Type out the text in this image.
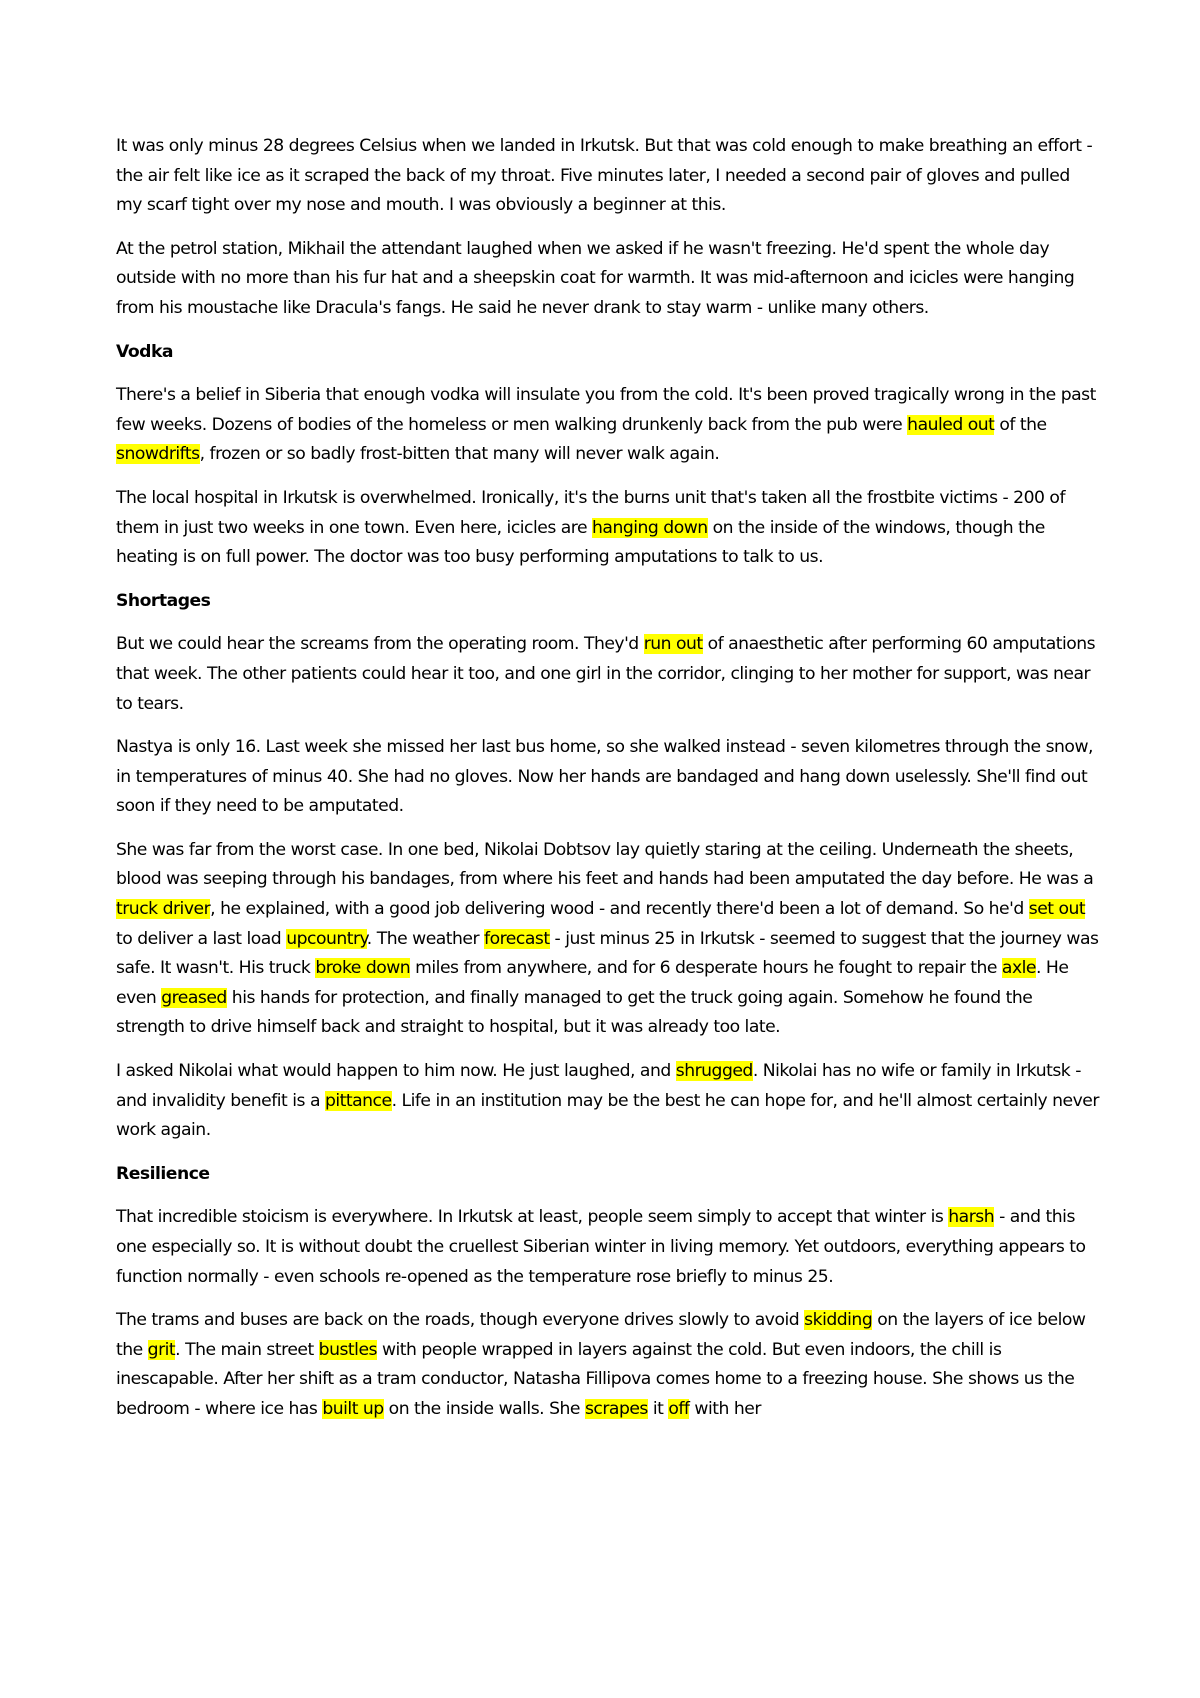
It was only minus 28 degrees Celsius when we landed in Irkutsk. But that was cold enough to make breathing an effort - the air felt like ice as it scraped the back of my throat. Five minutes later, I needed a second pair of gloves and pulled my scarf tight over my nose and mouth. I was obviously a beginner at this.

At the petrol station, Mikhail the attendant laughed when we asked if he wasn't freezing. He'd spent the whole day outside with no more than his fur hat and a sheepskin coat for warmth. It was mid-afternoon and icicles were hanging from his moustache like Dracula's fangs. He said he never drank to stay warm - unlike many others.

Vodka

There's a belief in Siberia that enough vodka will insulate you from the cold. It's been proved tragically wrong in the past few weeks. Dozens of bodies of the homeless or men walking drunkenly back from the pub were hauled out of the snowdrifts, frozen or so badly frost-bitten that many will never walk again.

The local hospital in Irkutsk is overwhelmed. Ironically, it's the burns unit that's taken all the frostbite victims - 200 of them in just two weeks in one town. Even here, icicles are hanging down on the inside of the windows, though the heating is on full power. The doctor was too busy performing amputations to talk to us.

Shortages

But we could hear the screams from the operating room. They'd run out of anaesthetic after performing 60 amputations that week. The other patients could hear it too, and one girl in the corridor, clinging to her mother for support, was near to tears.

Nastya is only 16. Last week she missed her last bus home, so she walked instead - seven kilometres through the snow, in temperatures of minus 40. She had no gloves. Now her hands are bandaged and hang down uselessly. She'll find out soon if they need to be amputated.

She was far from the worst case. In one bed, Nikolai Dobtsov lay quietly staring at the ceiling. Underneath the sheets, blood was seeping through his bandages, from where his feet and hands had been amputated the day before. He was a truck driver, he explained, with a good job delivering wood - and recently there'd been a lot of demand. So he'd set out to deliver a last load upcountry. The weather forecast - just minus 25 in Irkutsk - seemed to suggest that the journey was safe. It wasn't. His truck broke down miles from anywhere, and for 6 desperate hours he fought to repair the axle. He even greased his hands for protection, and finally managed to get the truck going again. Somehow he found the strength to drive himself back and straight to hospital, but it was already too late.

I asked Nikolai what would happen to him now. He just laughed, and shrugged. Nikolai has no wife or family in Irkutsk - and invalidity benefit is a pittance. Life in an institution may be the best he can hope for, and he'll almost certainly never work again.

Resilience

That incredible stoicism is everywhere. In Irkutsk at least, people seem simply to accept that winter is harsh - and this one especially so. It is without doubt the cruellest Siberian winter in living memory. Yet outdoors, everything appears to function normally - even schools re-opened as the temperature rose briefly to minus 25.

The trams and buses are back on the roads, though everyone drives slowly to avoid skidding on the layers of ice below the grit. The main street bustles with people wrapped in layers against the cold. But even indoors, the chill is inescapable. After her shift as a tram conductor, Natasha Fillipova comes home to a freezing house. She shows us the bedroom - where ice has built up on the inside walls. She scrapes it off with her
